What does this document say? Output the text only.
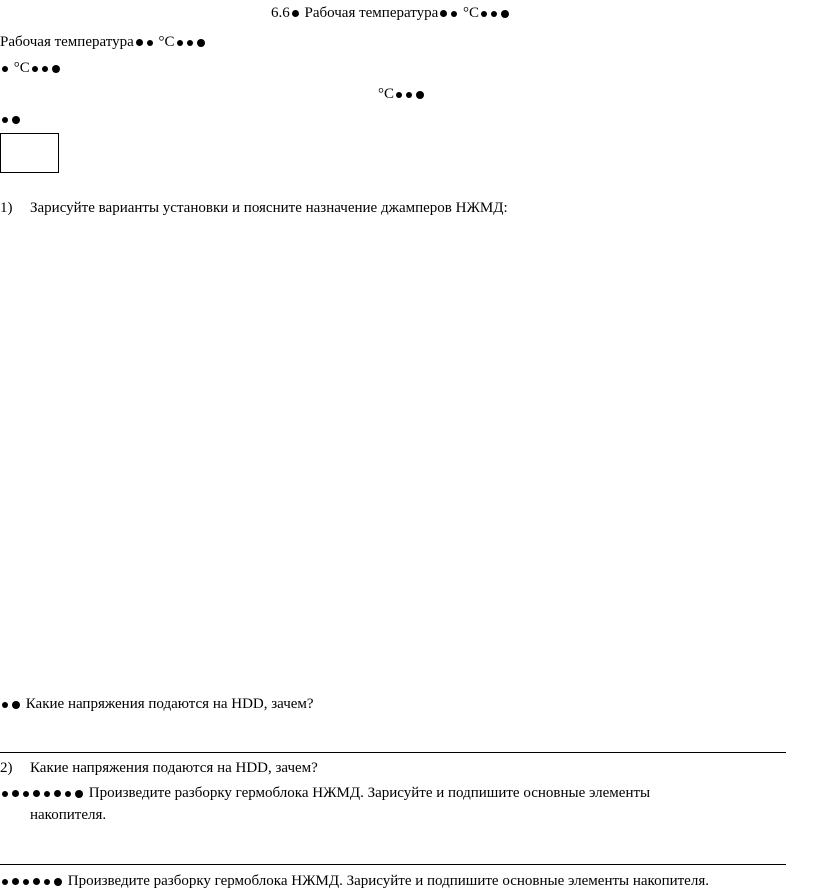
6.6 Рабочая температура °C
Рабочая температура °C
°C
°C
1) Зарисуйте варианты установки и поясните назначение джамперов НЖМД:
Какие напряжения подаются на HDD, зачем?
2) Какие напряжения подаются на HDD, зачем?
Произведите разборку гермоблока НЖМД. Зарисуйте и подпишите основные элементы
накопителя.
Произведите разборку гермоблока НЖМД. Зарисуйте и подпишите основные элементы накопителя.
